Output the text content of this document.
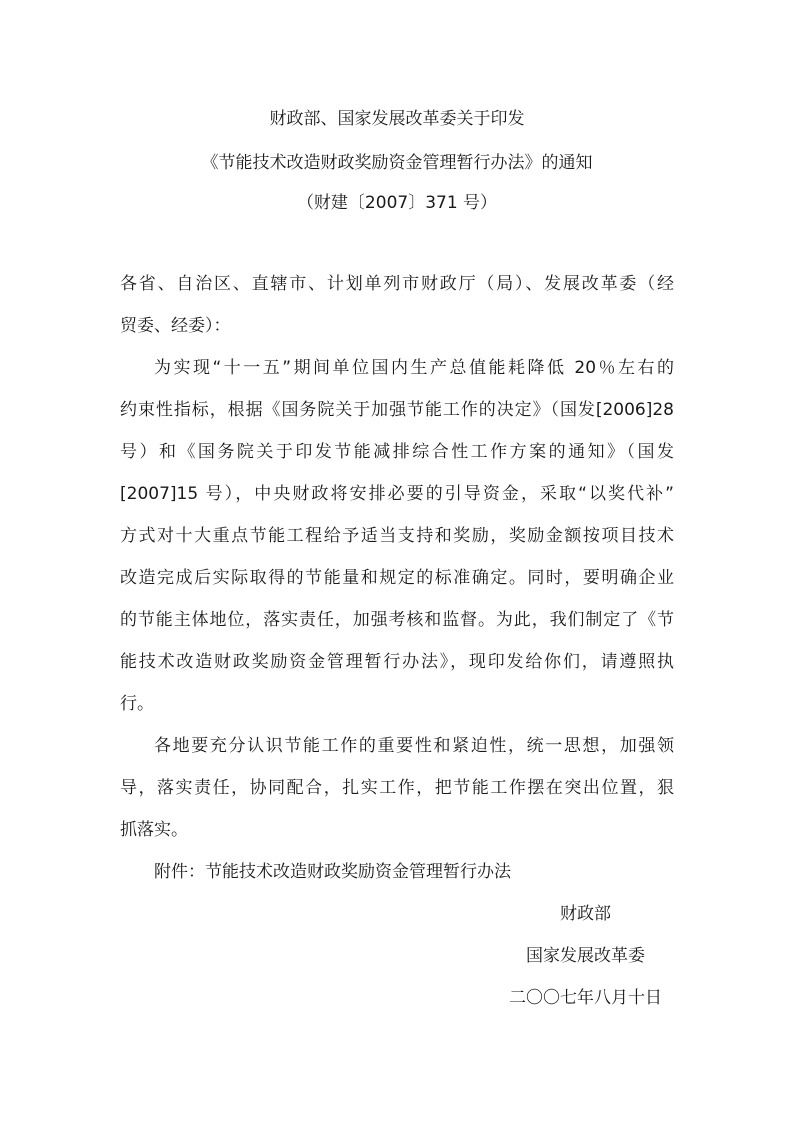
财政部、国家发展改革委关于印发
《节能技术改造财政奖励资金管理暂行办法》的通知
（财建〔2007〕371 号）
各省、自治区、直辖市、计划单列市财政厅（局）、发展改革委（经
贸委、经委）：
为实现“十一五”期间单位国内生产总值能耗降低 20％左右的
约束性指标，根据《国务院关于加强节能工作的决定》（国发[2006]28
号）和《国务院关于印发节能减排综合性工作方案的通知》（国发
[2007]15 号），中央财政将安排必要的引导资金，采取“以奖代补”
方式对十大重点节能工程给予适当支持和奖励，奖励金额按项目技术
改造完成后实际取得的节能量和规定的标准确定。同时，要明确企业
的节能主体地位，落实责任，加强考核和监督。为此，我们制定了《节
能技术改造财政奖励资金管理暂行办法》，现印发给你们，请遵照执
行。
各地要充分认识节能工作的重要性和紧迫性，统一思想，加强领
导，落实责任，协同配合，扎实工作，把节能工作摆在突出位置，狠
抓落实。
附件：节能技术改造财政奖励资金管理暂行办法
财政部
国家发展改革委
二〇〇七年八月十日
